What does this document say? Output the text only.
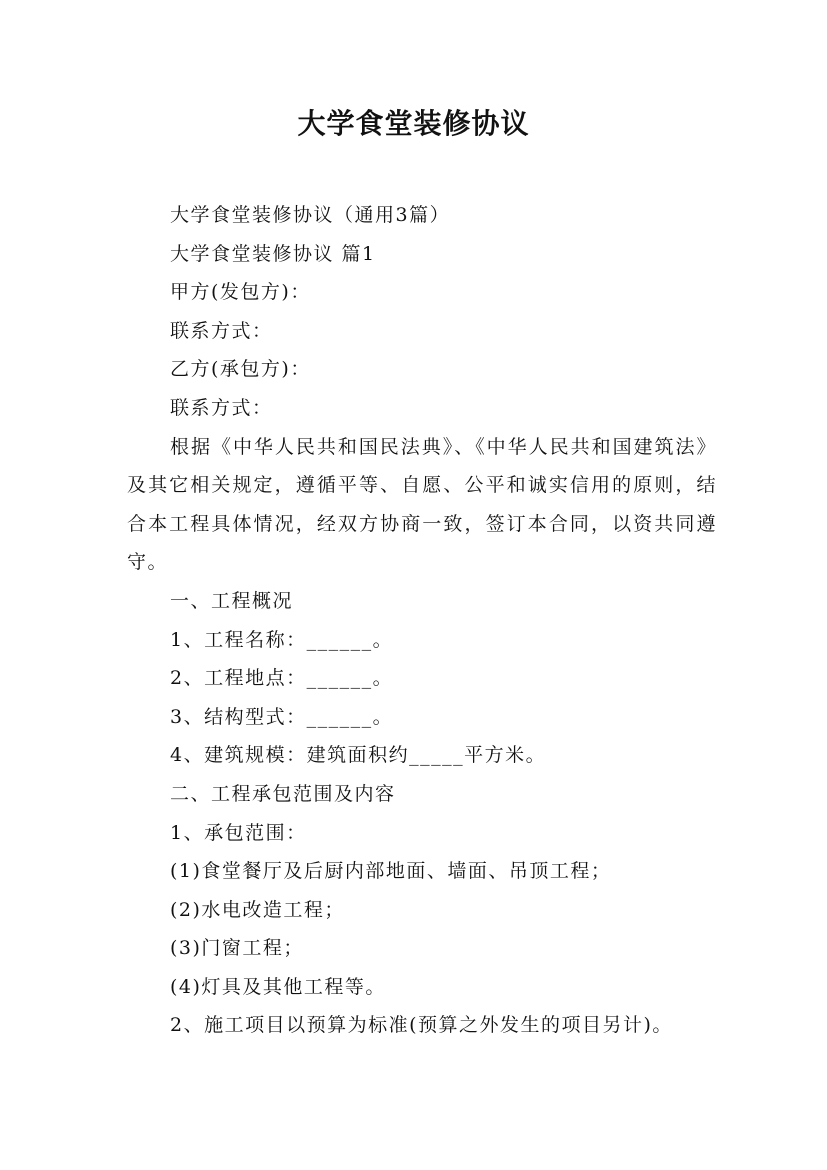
大学食堂装修协议

大学食堂装修协议（通用3篇）

大学食堂装修协议 篇1

甲方(发包方)：

联系方式：

乙方(承包方)：

联系方式：

根据《中华人民共和国民法典》、《中华人民共和国建筑法》及其它相关规定，遵循平等、自愿、公平和诚实信用的原则，结合本工程具体情况，经双方协商一致，签订本合同，以资共同遵守。

一、工程概况

1、工程名称：______。

2、工程地点：______。

3、结构型式：______。

4、建筑规模：建筑面积约_____平方米。

二、工程承包范围及内容

1、承包范围：

(1)食堂餐厅及后厨内部地面、墙面、吊顶工程；

(2)水电改造工程；

(3)门窗工程；

(4)灯具及其他工程等。

2、施工项目以预算为标准(预算之外发生的项目另计)。
